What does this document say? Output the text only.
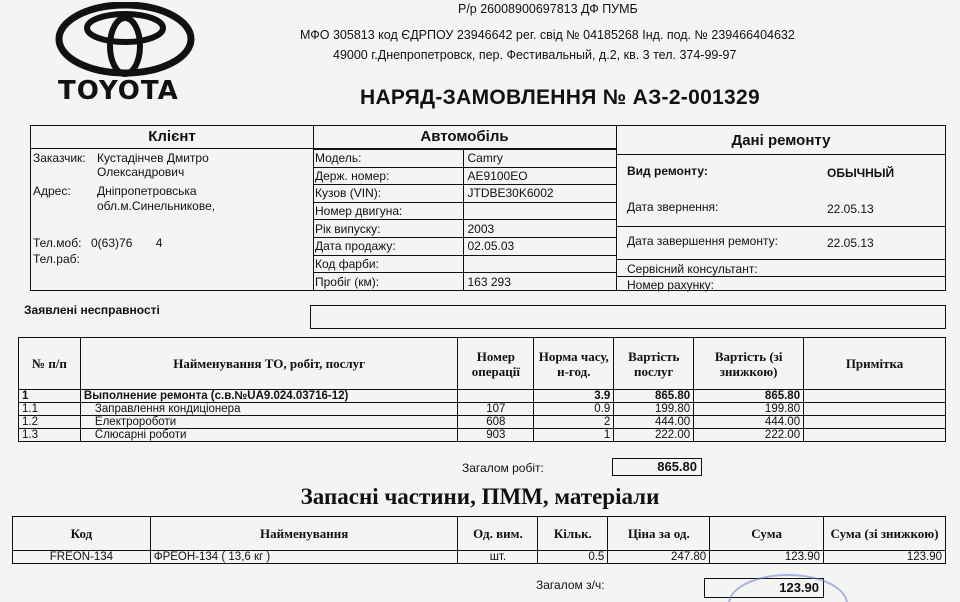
TOYOTA
Р/р 26008900697813 ДФ ПУМБ
МФО 305813 код ЄДРПОУ 23946642 рег. свід № 04185268 Інд. под. № 239466404632
49000 г.Днепропетровск, пер. Фестивальный, д.2, кв. 3 тел. 374-99-97
НАРЯД-ЗАМОВЛЕННЯ № АЗ-2-001329
Клієнт
Заказчик: Кустадінчев Дмитро
Олександрович
Адрес: Дніпропетровська
обл.м.Синельникове,
Тел.моб: 0(63)76       4
Тел.раб:
Автомобіль
Модель:	Camry
Держ. номер:	AE9100EO
Кузов (VIN):	JTDBE30K6002
Номер двигуна:	
Рік випуску:	2003
Дата продажу:	02.05.03
Код фарби:	
Пробіг (км):	163 293
Дані ремонту
Вид ремонту:	ОБЫЧНЫЙ
Дата звернення:	22.05.13
Дата завершення ремонту:	22.05.13
Сервісний консультант:
Номер рахунку:
Заявлені несправності
№ п/п	Найменування ТО, робіт, послуг	Номер операції	Норма часу, н-год.	Вартість послуг	Вартість (зі знижкою)	Примітка
1	Выполнение ремонта (с.в.№UA9.024.03716-12)		3.9	865.80	865.80	
1.1	Заправлення кондиціонера	107	0.9	199.80	199.80	
1.2	Електророботи	608	2	444.00	444.00	
1.3	Слюсарні роботи	903	1	222.00	222.00	
Загалом робіт:	865.80
Запасні частини, ПММ, матеріали
Код	Найменування	Од. вим.	Кільк.	Ціна за од.	Сума	Сума (зі знижкою)
FREON-134	ФРЕОН-134 ( 13,6 кг )	шт.	0.5	247.80	123.90	123.90
Загалом з/ч:	123.90
